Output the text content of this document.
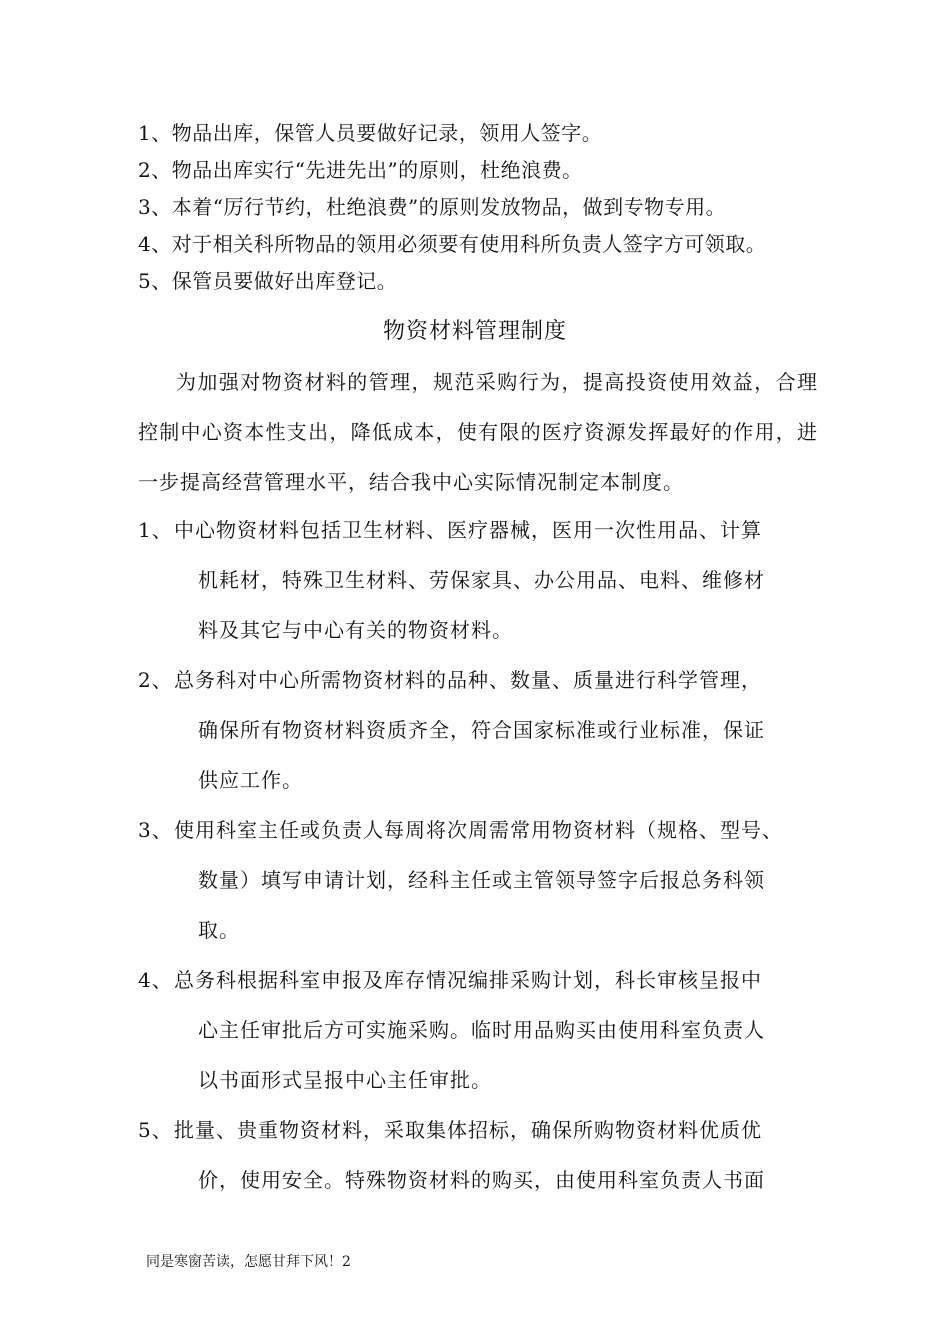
1、物品出库，保管人员要做好记录，领用人签字。
2、物品出库实行“先进先出”的原则，杜绝浪费。
3、本着“厉行节约，杜绝浪费”的原则发放物品，做到专物专用。
4、对于相关科所物品的领用必须要有使用科所负责人签字方可领取。
5、保管员要做好出库登记。
物资材料管理制度

为加强对物资材料的管理，规范采购行为，提高投资使用效益，合理控制中心资本性支出，降低成本，使有限的医疗资源发挥最好的作用，进一步提高经营管理水平，结合我中心实际情况制定本制度。

1、 中心物资材料包括卫生材料、医疗器械，医用一次性用品、计算
机耗材，特殊卫生材料、劳保家具、办公用品、电料、维修材
料及其它与中心有关的物资材料。
2、 总务科对中心所需物资材料的品种、数量、质量进行科学管理，
确保所有物资材料资质齐全，符合国家标准或行业标准，保证
供应工作。
3、 使用科室主任或负责人每周将次周需常用物资材料（规格、型号、
数量）填写申请计划，经科主任或主管领导签字后报总务科领
取。
4、 总务科根据科室申报及库存情况编排采购计划，科长审核呈报中
心主任审批后方可实施采购。临时用品购买由使用科室负责人
以书面形式呈报中心主任审批。
5、 批量、贵重物资材料，采取集体招标，确保所购物资材料优质优
价，使用安全。特殊物资材料的购买，由使用科室负责人书面
同是寒窗苦读，怎愿甘拜下风！2
